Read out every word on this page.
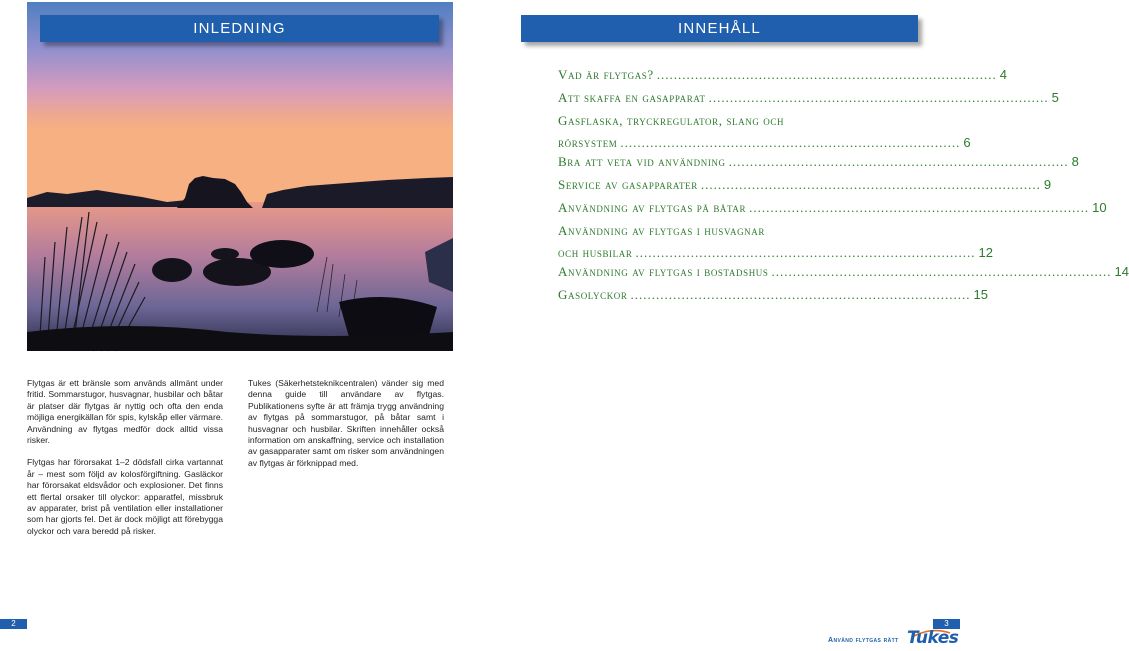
INLEDNING

Flytgas är ett bränsle som används allmänt under fritid. Sommarstugor, husvagnar, husbilar och båtar är platser där flytgas är nyttig och ofta den enda möjliga energikällan för spis, kylskåp eller värmare. Användning av flytgas medför dock alltid vissa risker.

Flytgas har förorsakat 1–2 dödsfall cirka vartannat år – mest som följd av kolosförgiftning. Gasläckor har förorsakat eldsvådor och explosioner. Det finns ett flertal orsaker till olyckor: apparatfel, missbruk av apparater, brist på ventilation eller installationer som har gjorts fel. Det är dock möjligt att förebygga olyckor och vara beredd på risker.

Tukes (Säkerhetsteknikcentralen) vänder sig med denna guide till användare av flytgas. Publikationens syfte är att främja trygg användning av flytgas på sommarstugor, på båtar samt i husvagnar och husbilar. Skriften innehåller också information om anskaffning, service och installation av gasapparater samt om risker som användningen av flytgas är förknippad med.

INNEHÅLL
Vad är flytgas? ................................................................................ 4
Att skaffa en gasapparat ................................................................................ 5
Gasflaska, tryckregulator, slang och
rörsystem ................................................................................ 6
Bra att veta vid användning ................................................................................ 8
Service av gasapparater ................................................................................ 9
Användning av flytgas på båtar ................................................................................ 10
Användning av flytgas i husvagnar
och husbilar ................................................................................ 12
Användning av flytgas i bostadshus ................................................................................ 14
Gasolyckor ................................................................................ 15
2	3
Använd flytgas rätt Tukes
